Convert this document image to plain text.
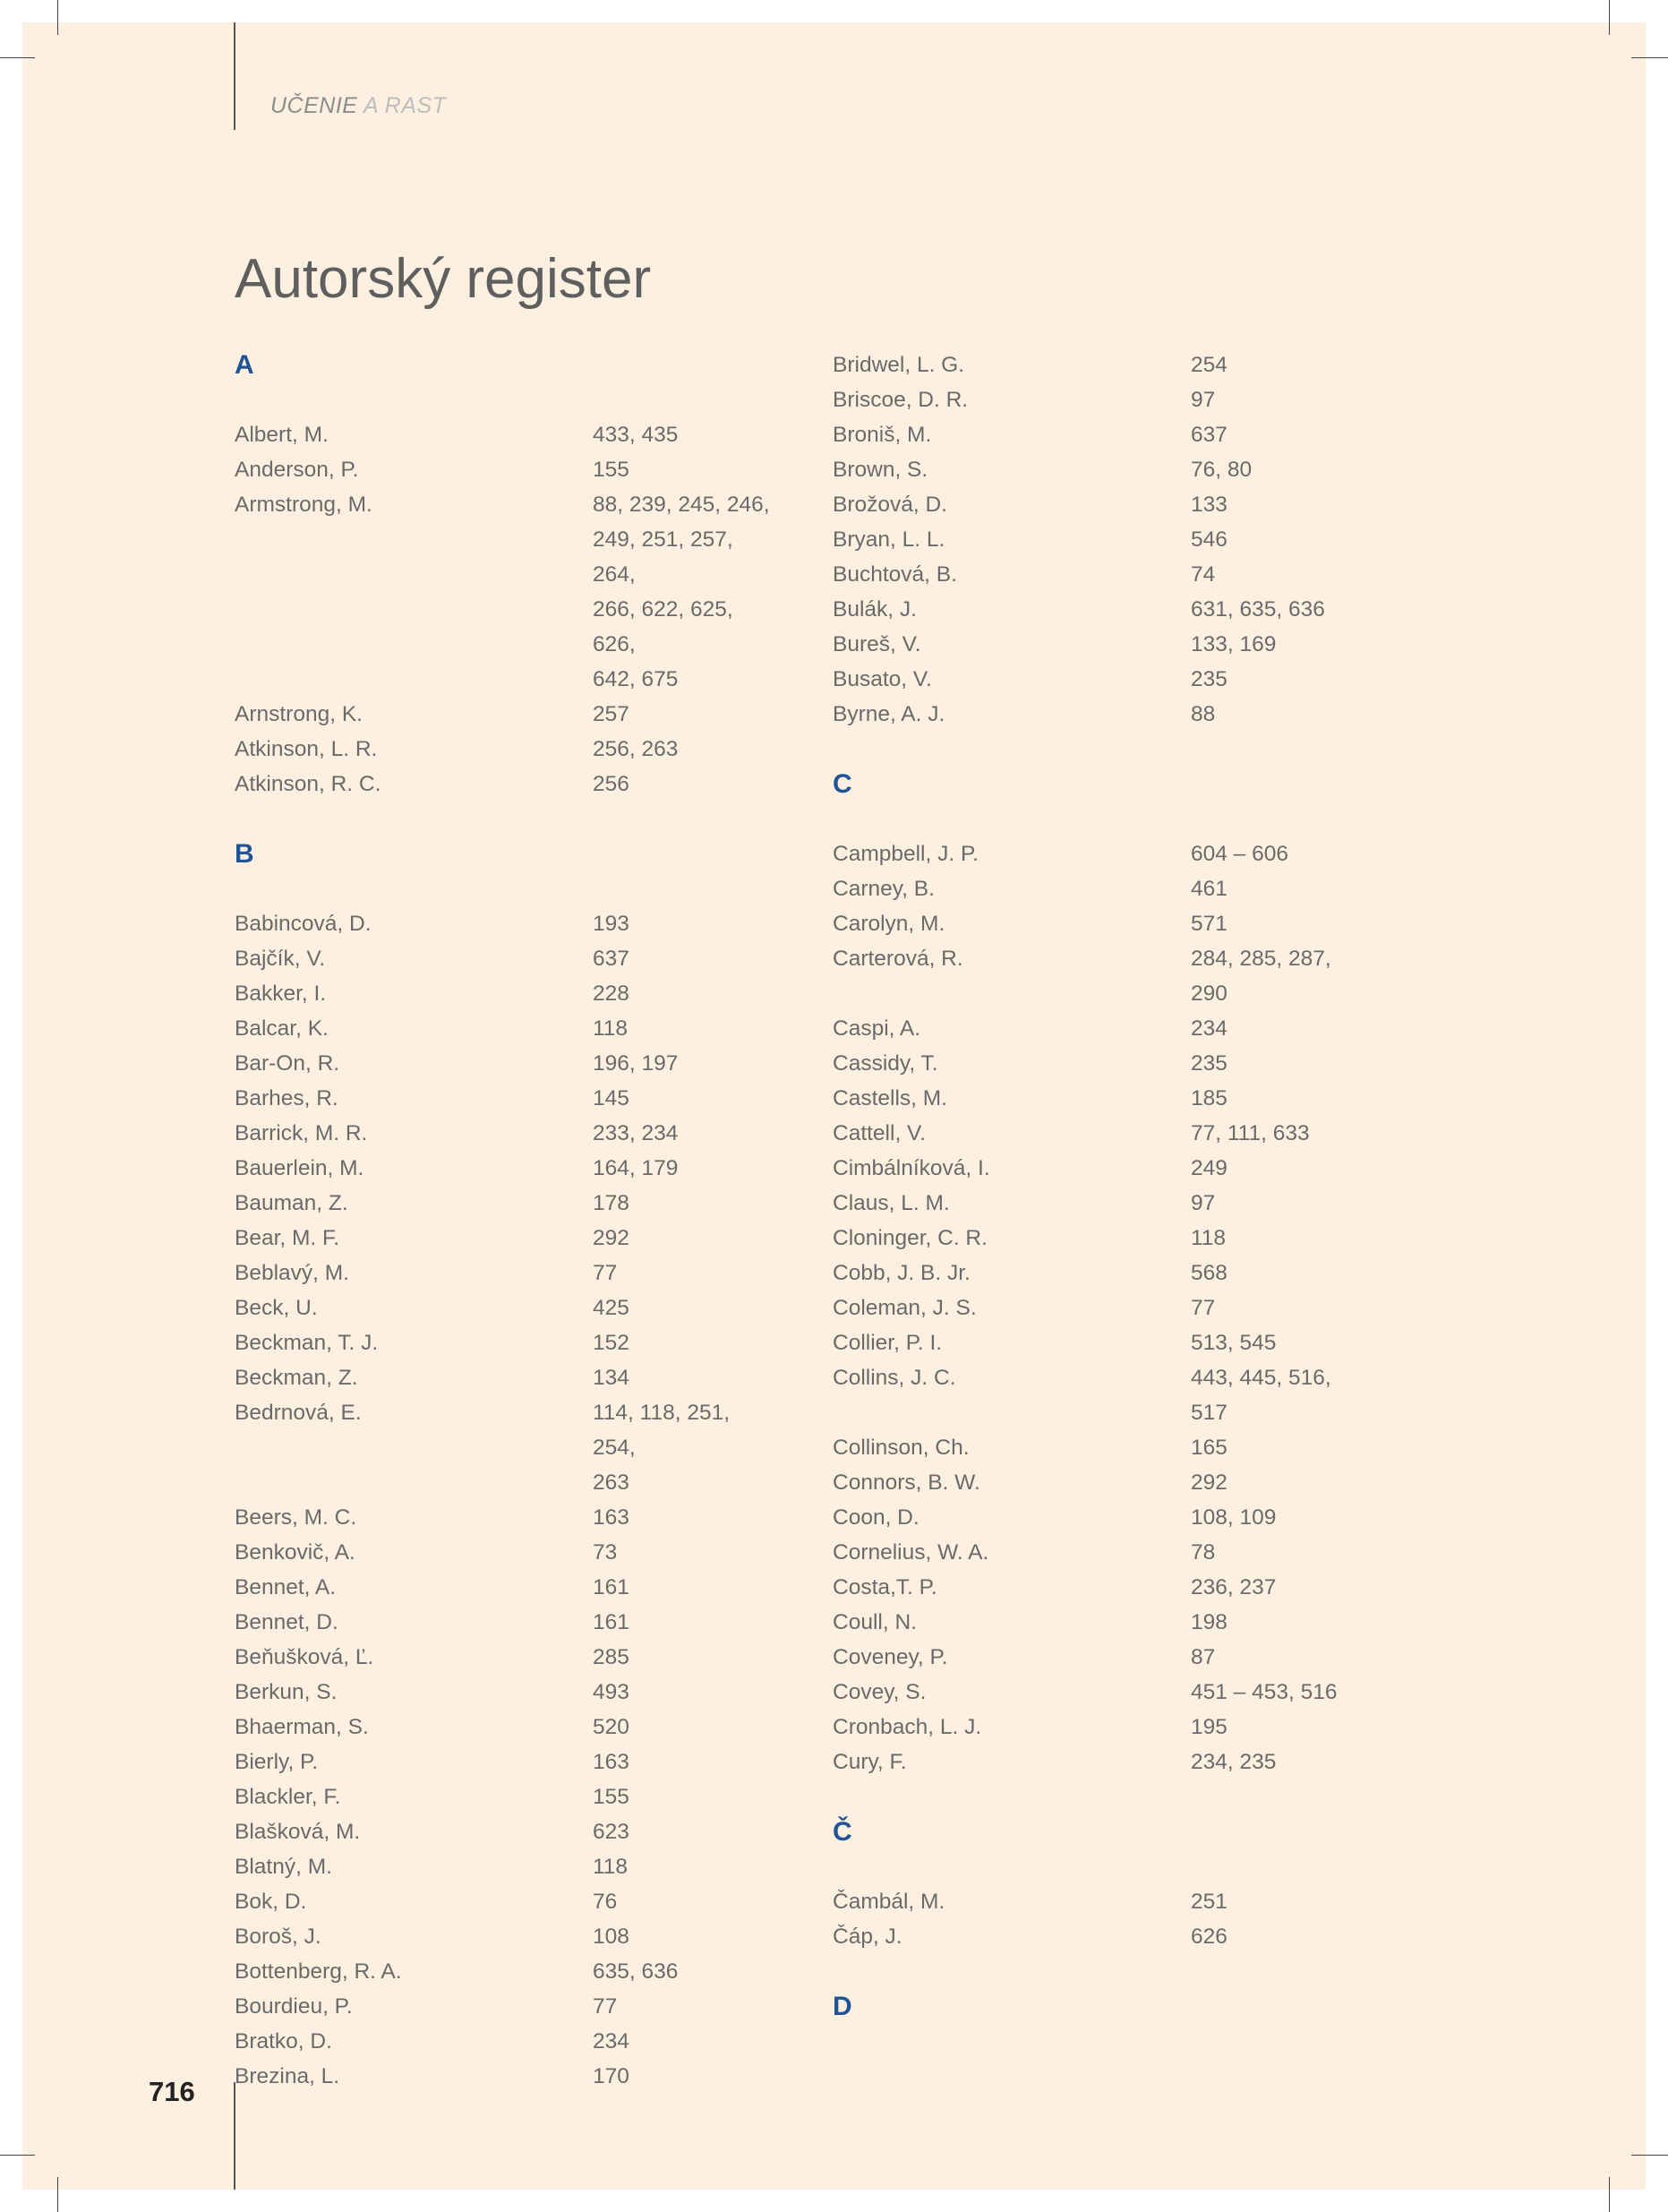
UČENIE A RAST
Autorský register
A
Albert, M.	433, 435
Anderson, P.	155
Armstrong, M.	88, 239, 245, 246,
249, 251, 257, 264,
266, 622, 625, 626,
642, 675
Arnstrong, K.	257
Atkinson, L. R.	256, 263
Atkinson, R. C.	256
B
Babincová, D.	193
Bajčík, V.	637
Bakker, I.	228
Balcar, K.	118
Bar-On, R.	196, 197
Barhes, R.	145
Barrick, M. R.	233, 234
Bauerlein, M.	164, 179
Bauman, Z.	178
Bear, M. F.	292
Beblavý, M.	77
Beck, U.	425
Beckman, T. J.	152
Beckman, Z.	134
Bedrnová, E.	114, 118, 251, 254,
263
Beers, M. C.	163
Benkovič, A.	73
Bennet, A.	161
Bennet, D.	161
Beňušková, Ľ.	285
Berkun, S.	493
Bhaerman, S.	520
Bierly, P.	163
Blackler, F.	155
Blašková, M.	623
Blatný, M.	118
Bok, D.	76
Boroš, J.	108
Bottenberg, R. A.	635, 636
Bourdieu, P.	77
Bratko, D.	234
Brezina, L.	170
Bridwel, L. G.	254
Briscoe, D. R.	97
Broniš, M.	637
Brown, S.	76, 80
Brožová, D.	133
Bryan, L. L.	546
Buchtová, B.	74
Bulák, J.	631, 635, 636
Bureš, V.	133, 169
Busato, V.	235
Byrne, A. J.	88
C
Campbell, J. P.	604 – 606
Carney, B.	461
Carolyn, M.	571
Carterová, R.	284, 285, 287, 290
Caspi, A.	234
Cassidy, T.	235
Castells, M.	185
Cattell, V.	77, 111, 633
Cimbálníková, I.	249
Claus, L. M.	97
Cloninger, C. R.	118
Cobb, J. B. Jr.	568
Coleman, J. S.	77
Collier, P. I.	513, 545
Collins, J. C.	443, 445, 516, 517
Collinson, Ch.	165
Connors, B. W.	292
Coon, D.	108, 109
Cornelius, W. A.	78
Costa,T. P.	236, 237
Coull, N.	198
Coveney, P.	87
Covey, S.	451 – 453, 516
Cronbach, L. J.	195
Cury, F.	234, 235
Č
Čambál, M.	251
Čáp, J.	626
D
716
